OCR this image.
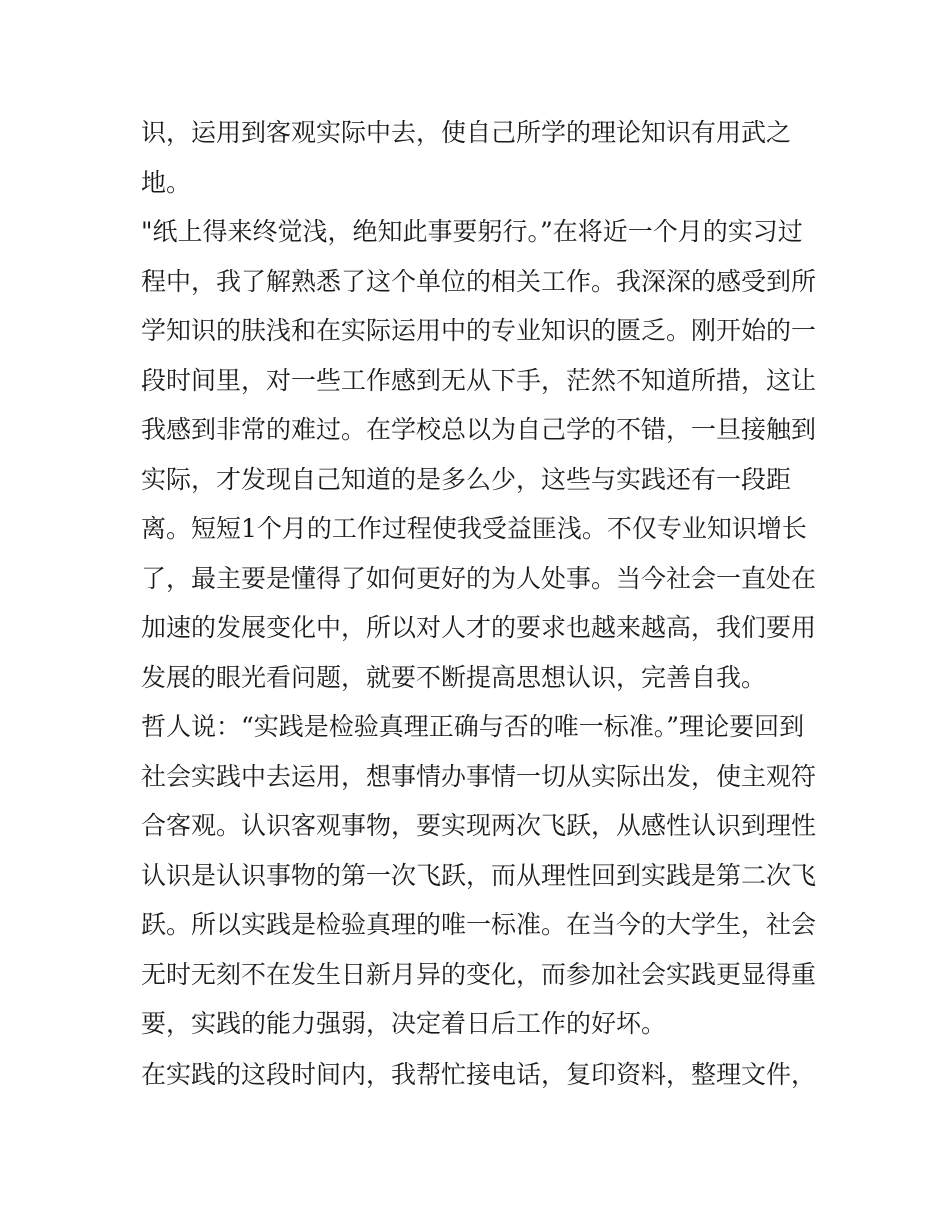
识，运用到客观实际中去，使自己所学的理论知识有用武之
地。
"纸上得来终觉浅，绝知此事要躬行。”在将近一个月的实习过
程中，我了解熟悉了这个单位的相关工作。我深深的感受到所
学知识的肤浅和在实际运用中的专业知识的匮乏。刚开始的一
段时间里，对一些工作感到无从下手，茫然不知道所措，这让
我感到非常的难过。在学校总以为自己学的不错，一旦接触到
实际，才发现自己知道的是多么少，这些与实践还有一段距
离。短短1个月的工作过程使我受益匪浅。不仅专业知识增长
了，最主要是懂得了如何更好的为人处事。当今社会一直处在
加速的发展变化中，所以对人才的要求也越来越高，我们要用
发展的眼光看问题，就要不断提高思想认识，完善自我。
哲人说：“实践是检验真理正确与否的唯一标准。”理论要回到
社会实践中去运用，想事情办事情一切从实际出发，使主观符
合客观。认识客观事物，要实现两次飞跃，从感性认识到理性
认识是认识事物的第一次飞跃，而从理性回到实践是第二次飞
跃。所以实践是检验真理的唯一标准。在当今的大学生，社会
无时无刻不在发生日新月异的变化，而参加社会实践更显得重
要，实践的能力强弱，决定着日后工作的好坏。
在实践的这段时间内，我帮忙接电话，复印资料，整理文件，
